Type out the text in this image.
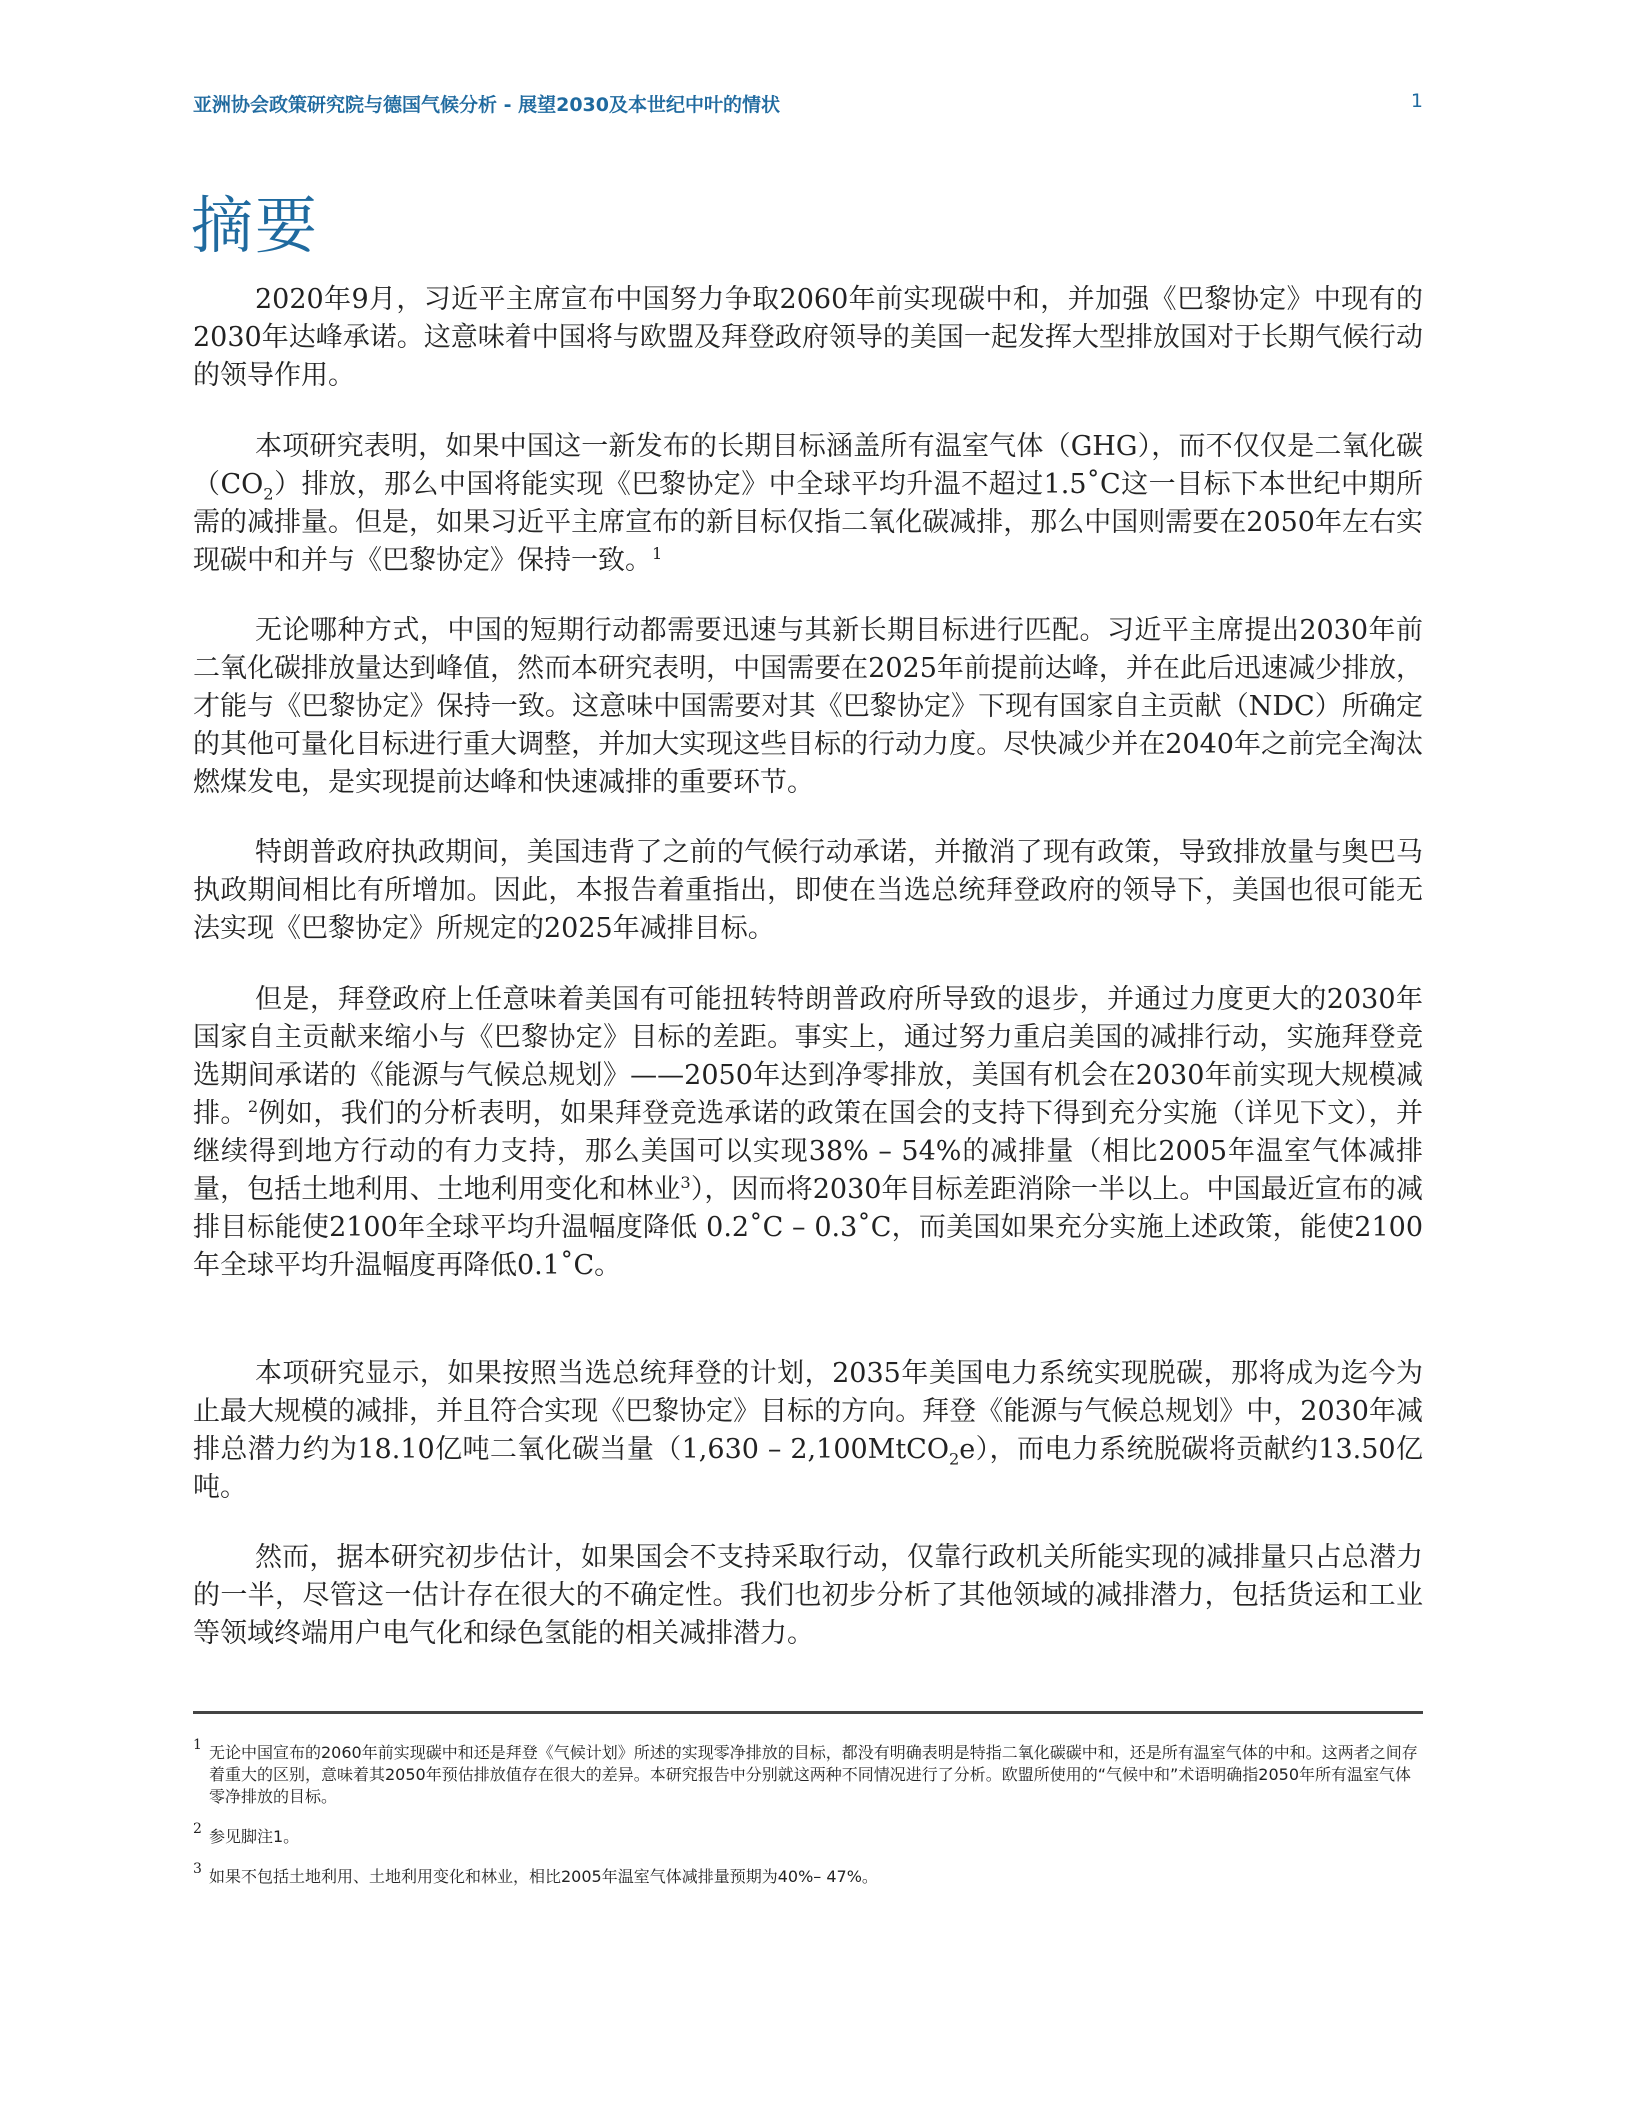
亚洲协会政策研究院与德国气候分析 - 展望2030及本世纪中叶的情状	1
摘要

2020年9月，习近平主席宣布中国努力争取2060年前实现碳中和，并加强《巴黎协定》中现有的2030年达峰承诺。这意味着中国将与欧盟及拜登政府领导的美国一起发挥大型排放国对于长期气候行动的领导作用。

本项研究表明，如果中国这一新发布的长期目标涵盖所有温室气体（GHG），而不仅仅是二氧化碳$(CO_2)$排放，那么中国将能实现《巴黎协定》中全球平均升温不超过1.5˚C这一目标下本世纪中期所需的减排量。但是，如果习近平主席宣布的新目标仅指二氧化碳减排，那么中国则需要在2050年左右实现碳中和并与《巴黎协定》保持一致。$^1$

无论哪种方式，中国的短期行动都需要迅速与其新长期目标进行匹配。习近平主席提出2030年前二氧化碳排放量达到峰值，然而本研究表明，中国需要在2025年前提前达峰，并在此后迅速减少排放，才能与《巴黎协定》保持一致。这意味中国需要对其《巴黎协定》下现有国家自主贡献（NDC）所确定的其他可量化目标进行重大调整，并加大实现这些目标的行动力度。尽快减少并在2040年之前完全淘汰燃煤发电，是实现提前达峰和快速减排的重要环节。

特朗普政府执政期间，美国违背了之前的气候行动承诺，并撤消了现有政策，导致排放量与奥巴马执政期间相比有所增加。因此，本报告着重指出，即使在当选总统拜登政府的领导下，美国也很可能无法实现《巴黎协定》所规定的2025年减排目标。

但是，拜登政府上任意味着美国有可能扭转特朗普政府所导致的退步，并通过力度更大的2030年国家自主贡献来缩小与《巴黎协定》目标的差距。事实上，通过努力重启美国的减排行动，实施拜登竞选期间承诺的《能源与气候总规划》——2050年达到净零排放，美国有机会在2030年前实现大规模减排。$^2$例如，我们的分析表明，如果拜登竞选承诺的政策在国会的支持下得到充分实施（详见下文），并继续得到地方行动的有力支持，那么美国可以实现38% – 54%的减排量（相比2005年温室气体减排量，包括土地利用、土地利用变化和林业$^3$），因而将2030年目标差距消除一半以上。中国最近宣布的减排目标能使2100年全球平均升温幅度降低 0.2˚C – 0.3˚C，而美国如果充分实施上述政策，能使2100年全球平均升温幅度再降低0.1˚C。

本项研究显示，如果按照当选总统拜登的计划，2035年美国电力系统实现脱碳，那将成为迄今为止最大规模的减排，并且符合实现《巴黎协定》目标的方向。拜登《能源与气候总规划》中，2030年减排总潜力约为18.10亿吨二氧化碳当量（1,630 – 2,100MtCO$_2$e），而电力系统脱碳将贡献约13.50亿吨。

然而，据本研究初步估计，如果国会不支持采取行动，仅靠行政机关所能实现的减排量只占总潜力的一半，尽管这一估计存在很大的不确定性。我们也初步分析了其他领域的减排潜力，包括货运和工业等领域终端用户电气化和绿色氢能的相关减排潜力。

1 无论中国宣布的2060年前实现碳中和还是拜登《气候计划》所述的实现零净排放的目标，都没有明确表明是特指二氧化碳碳中和，还是所有温室气体的中和。这两者之间存着重大的区别，意味着其2050年预估排放值存在很大的差异。本研究报告中分别就这两种不同情况进行了分析。欧盟所使用的“气候中和”术语明确指2050年所有温室气体零净排放的目标。
2 参见脚注1。
3 如果不包括土地利用、土地利用变化和林业，相比2005年温室气体减排量预期为40%– 47%。
